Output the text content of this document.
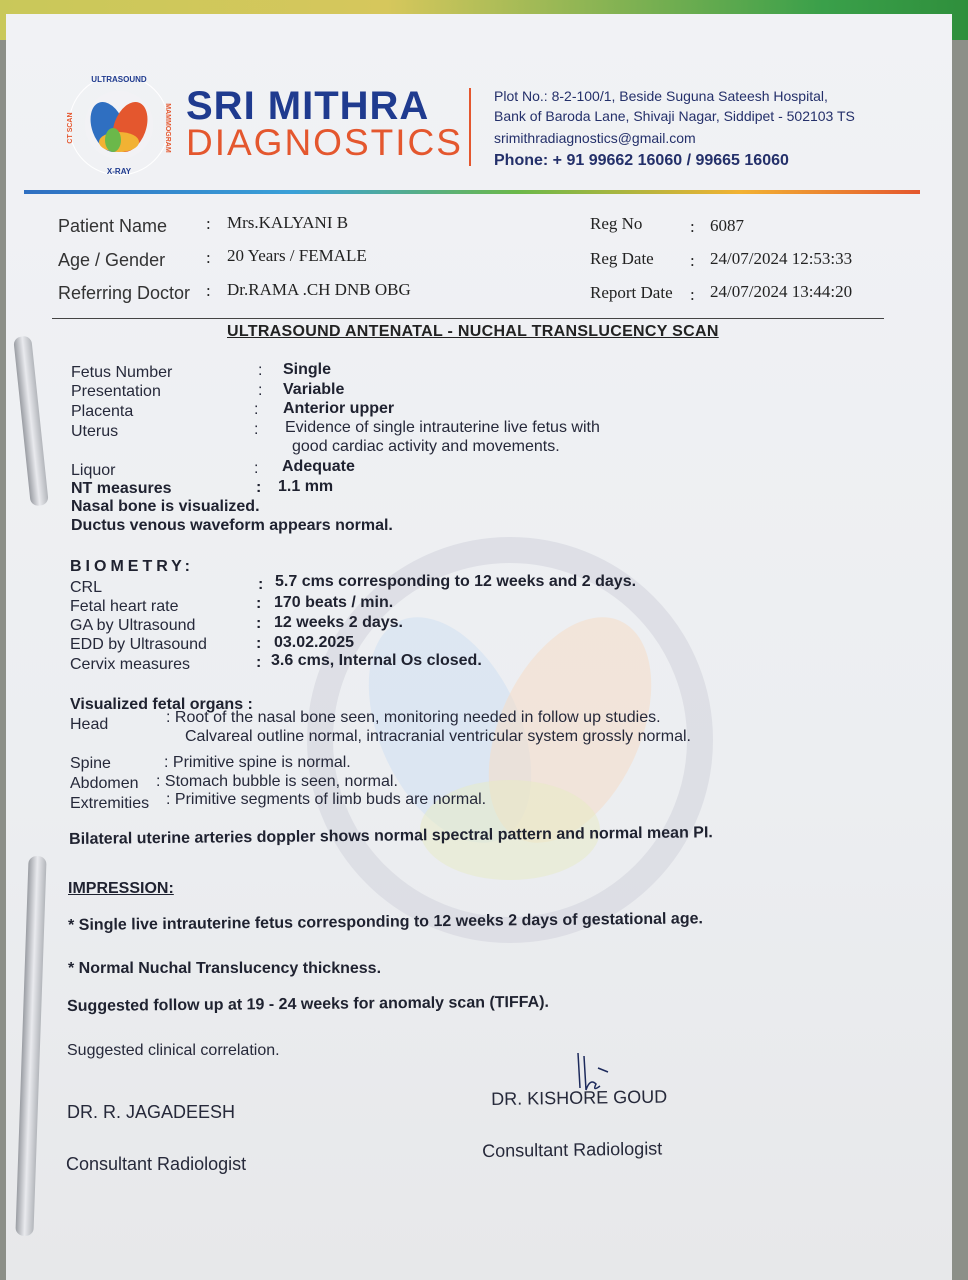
ULTRASOUND
X-RAY
MAMMOGRAM
CT SCAN	SRI MITHRA
DIAGNOSTICS
Plot No.: 8-2-100/1, Beside Suguna Sateesh Hospital,
Bank of Baroda Lane, Shivaji Nagar, Siddipet - 502103 TS
srimithradiagnostics@gmail.com
Phone: + 91 99662 16060 / 99665 16060
Patient Name : Mrs.KALYANI B
Age / Gender : 20 Years / FEMALE
Referring Doctor : Dr.RAMA .CH DNB OBG
Reg No	: 6087
Reg Date : 24/07/2024 12:53:33
Report Date : 24/07/2024 13:44:20
ULTRASOUND ANTENATAL - NUCHAL TRANSLUCENCY SCAN
Fetus Number	: Single
Presentation	: Variable
Placenta	: Anterior upper
Uterus	: Evidence of single intrauterine live fetus with
good cardiac activity and movements.
Liquor	: Adequate
NT measures	: 1.1 mm
Nasal bone is visualized.
Ductus venous waveform appears normal.
BIOMETRY:
CRL	: 5.7 cms corresponding to 12 weeks and 2 days.
Fetal heart rate	: 170 beats / min.
GA by Ultrasound	: 12 weeks 2 days.
EDD by Ultrasound	: 03.02.2025
Cervix measures	: 3.6 cms, Internal Os closed.
Visualized fetal organs :
Head	: Root of the nasal bone seen, monitoring needed in follow up studies.
Calvareal outline normal, intracranial ventricular system grossly normal.
Spine	: Primitive spine is normal.
Abdomen : Stomach bubble is seen, normal.
Extremities : Primitive segments of limb buds are normal.
Bilateral uterine arteries doppler shows normal spectral pattern and normal mean PI.
IMPRESSION:
* Single live intrauterine fetus corresponding to 12 weeks 2 days of gestational age.
* Normal Nuchal Translucency thickness.
Suggested follow up at 19 - 24 weeks for anomaly scan (TIFFA).
Suggested clinical correlation.
DR. R. JAGADEESH
Consultant Radiologist
DR. KISHORE GOUD
Consultant Radiologist
